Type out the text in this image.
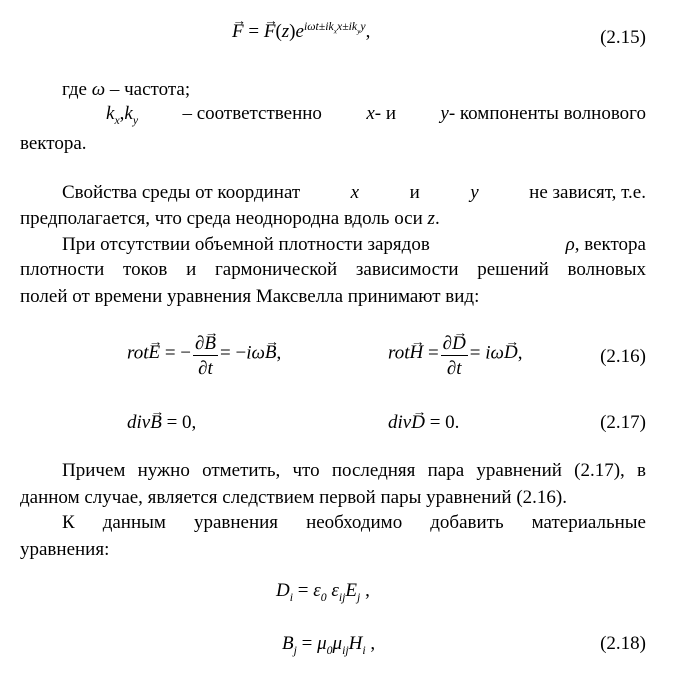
→ F = → $F(z)e^{i\omega t\pm ik_xx\pm ik_yy}$,	(2.15)
где ω – частота;
$k_x,k_y$ – соответственно x- и y- компоненты волнового
вектора.
Свойства среды от координат	x	и	y	не зависят, т.е.
предполагается, что среда неоднородна вдоль оси z.
При отсутствии объемной плотности зарядов	ρ, вектора
плотности токов и гармонической зависимости решений волновых
полей от времени уравнения Максвелла принимают вид:
rot→ E = − $\frac{\partial\to B}{\partial t} = -i\omega\to B$,	$rot\to H = \frac{\partial\to D}{\partial t} = i\omega\to D$,	(2.16)
div→ B = 0,	div→ D = 0.	(2.17)
Причем нужно отметить, что последняя пара уравнений (2.17), в
данном случае, является следствием первой пары уравнений (2.16).
К данным уравнения необходимо добавить материальные
уравнения:
$D_i = \varepsilon_0$ $\varepsilon_{ij}E_j$ ,
$B_j = \mu_0\mu_{ij}H_i$ ,	(2.18)
